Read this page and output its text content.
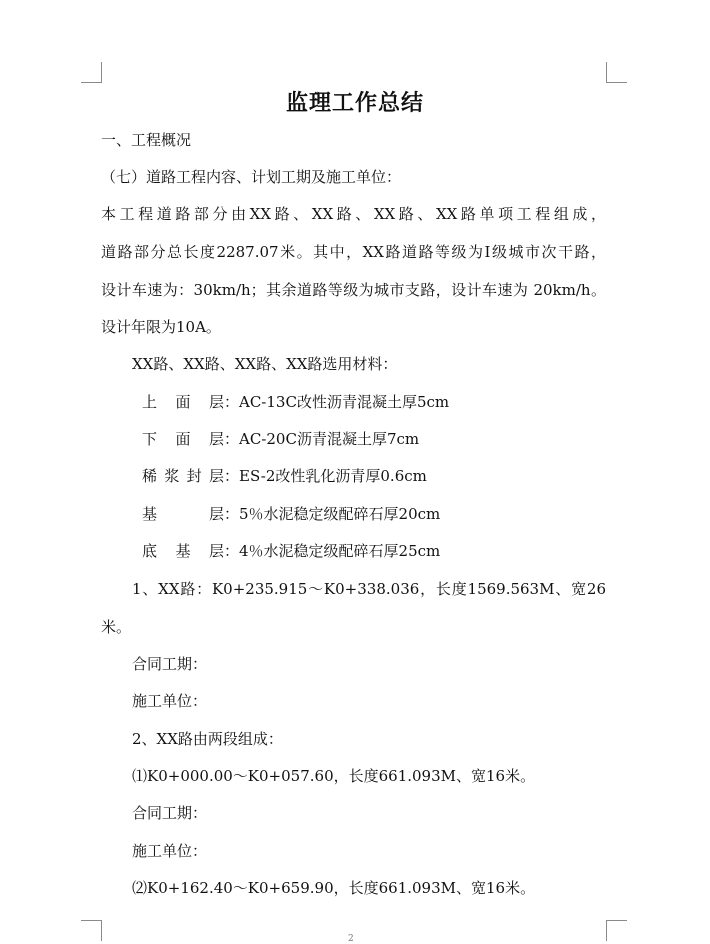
监理工作总结
一、工程概况
（七）道路工程内容、计划工期及施工单位：
本工程道路部分由XX路、XX路、XX路、XX路单项工程组成，
道路部分总长度2287.07米。其中，XX路道路等级为Ⅰ级城市次干路，
设计车速为：30km/h；其余道路等级为城市支路，设计车速为 20km/h。
设计年限为10A。
XX路、XX路、XX路、XX路选用材料：
上面层 ：AC-13C改性沥青混凝土厚5cm
下面层 ：AC-20C沥青混凝土厚7cm
稀浆封层 ：ES-2改性乳化沥青厚0.6cm
基层 ：5％水泥稳定级配碎石厚20cm
底基层 ：4％水泥稳定级配碎石厚25cm
1、XX路：K0+235.915～K0+338.036，长度1569.563M、宽26
米。
合同工期：
施工单位：
2、XX路由两段组成：
⑴K0+000.00～K0+057.60，长度661.093M、宽16米。
合同工期：
施工单位：
⑵K0+162.40～K0+659.90，长度661.093M、宽16米。
2
